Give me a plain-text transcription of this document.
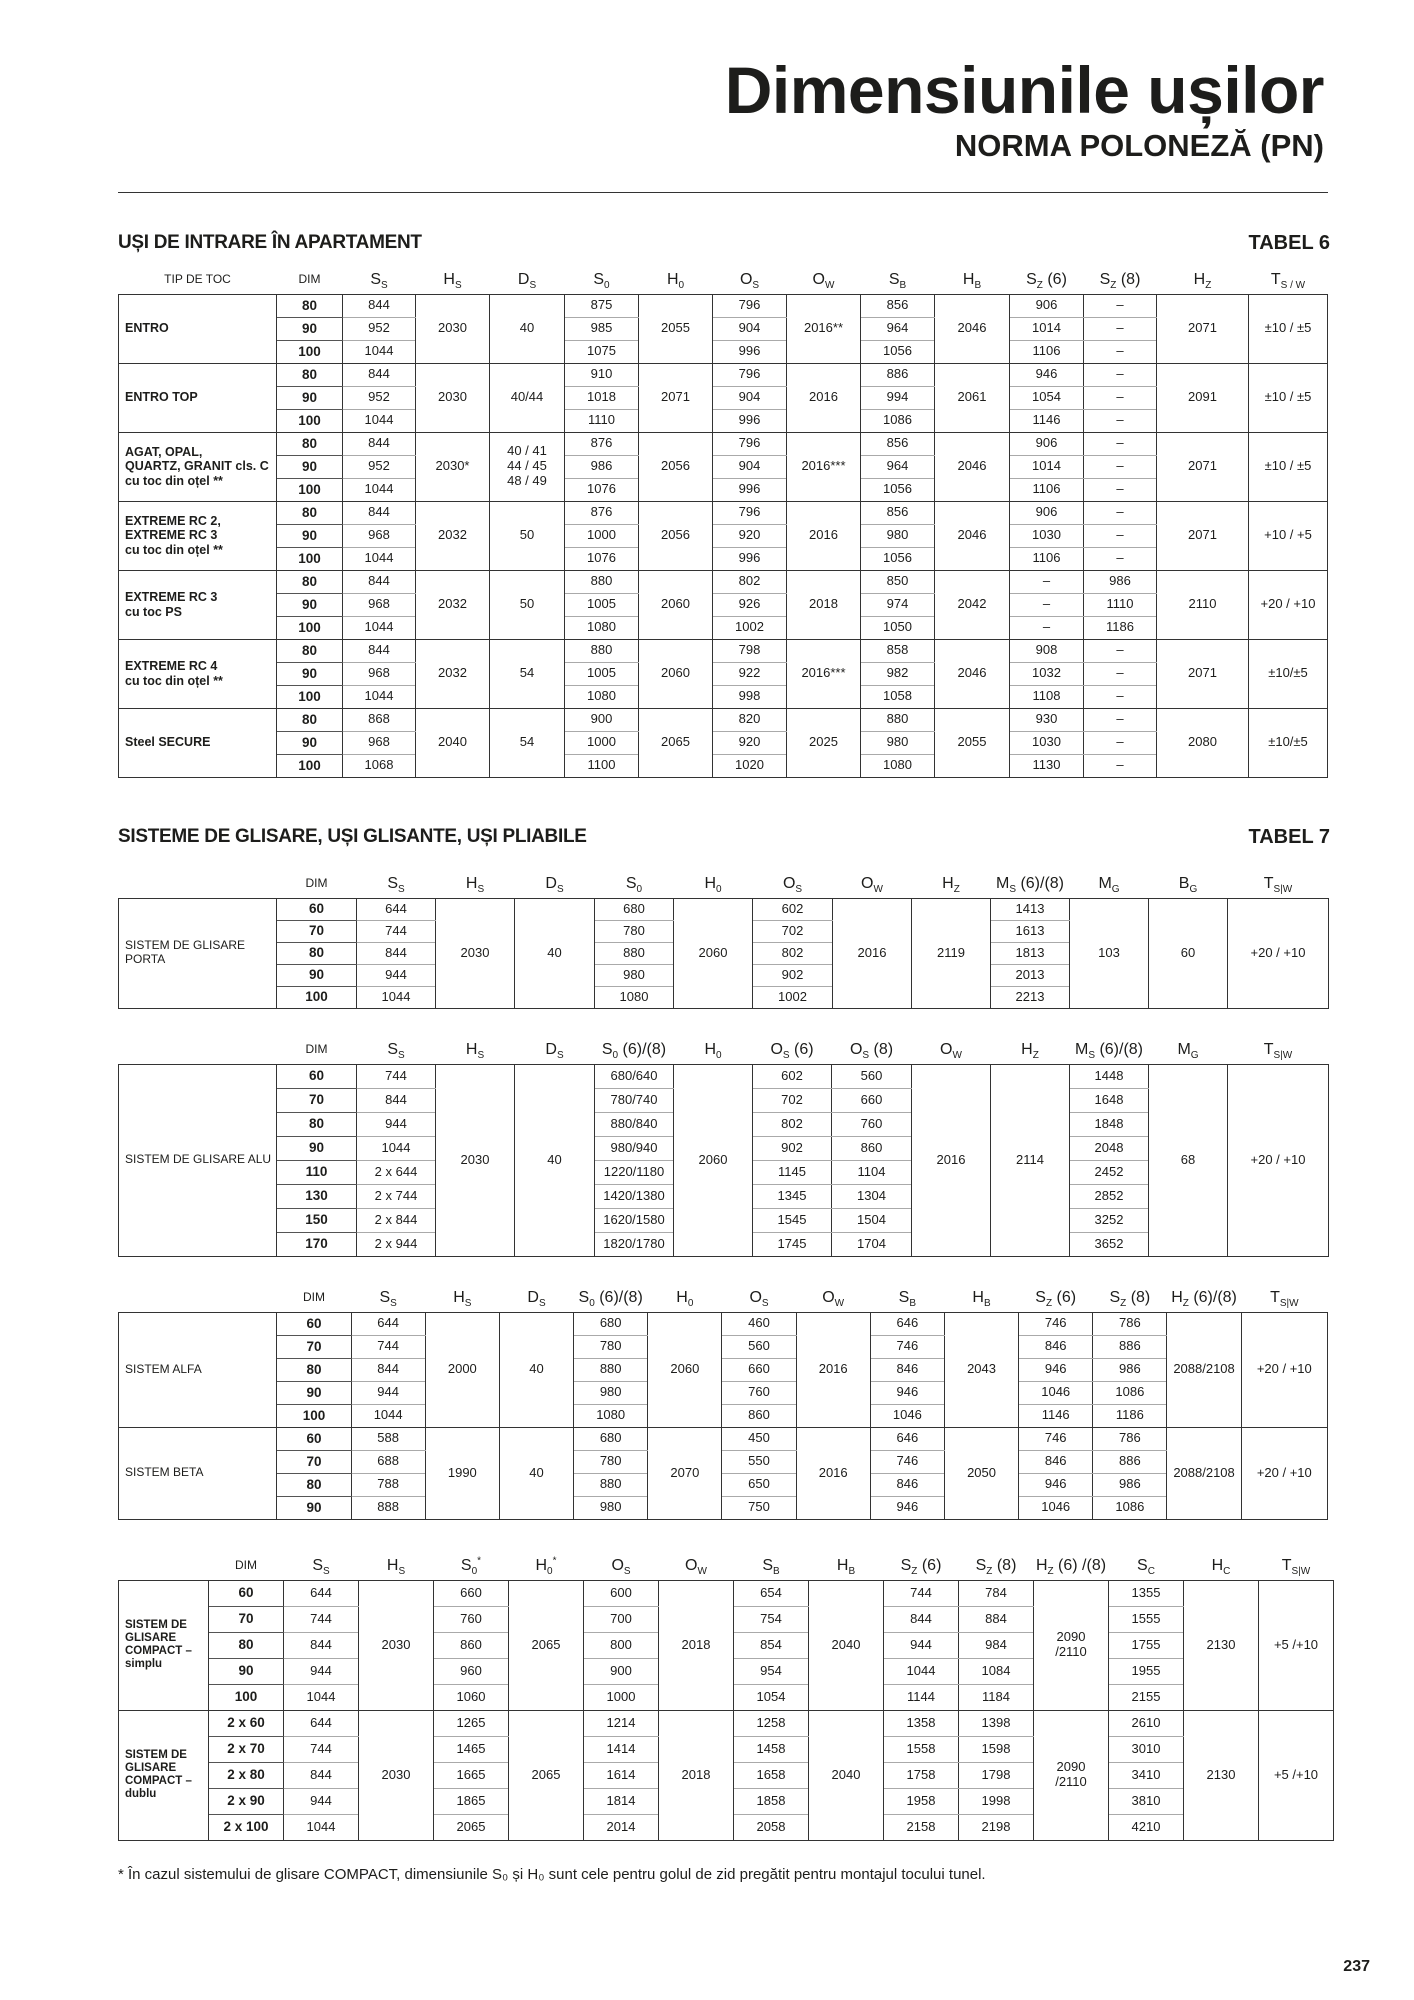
Dimensiunile ușilor
NORMA POLONEZĂ (PN)
UȘI DE INTRARE ÎN APARTAMENT	TABEL 6
TIP DE TOC	DIM	$S_S$	$H_S$	$D_S$	$S_0$	$H_0$	$O_S$	$O_W$	$S_B$	$H_B$	$S_Z$ (6)	$S_Z$ (8)	$H_Z$	$T_{S / W}$
ENTRO	80	844	2030	40	875	2055	796	2016**	856	2046	906	–	2071	±10 / ±5
	90	952			985		904		964		1014	–		
	100	1044			1075		996		1056		1106	–		
ENTRO TOP	80	844	2030	40/44	910	2071	796	2016	886	2061	946	–	2091	±10 / ±5
	90	952			1018		904		994		1054	–		
	100	1044			1110		996		1086		1146	–		
AGAT, OPAL,
QUARTZ, GRANIT cls. C
cu toc din oțel **	80	844	2030*	40 / 41
44 / 45
48 / 49	876	2056	796	2016***	856	2046	906	–	2071	±10 / ±5
	90	952			986		904		964		1014	–		
	100	1044			1076		996		1056		1106	–		
EXTREME RC 2,
EXTREME RC 3
cu toc din oțel **	80	844	2032	50	876	2056	796	2016	856	2046	906	–	2071	+10 / +5
	90	968			1000		920		980		1030	–		
	100	1044			1076		996		1056		1106	–		
EXTREME RC 3
cu toc PS	80	844	2032	50	880	2060	802	2018	850	2042	–	986	2110	+20 / +10
	90	968			1005		926		974		–	1110		
	100	1044			1080		1002		1050		–	1186		
EXTREME RC 4
cu toc din oțel **	80	844	2032	54	880	2060	798	2016***	858	2046	908	–	2071	±10/±5
	90	968			1005		922		982		1032	–		
	100	1044			1080		998		1058		1108	–		
Steel SECURE	80	868	2040	54	900	2065	820	2025	880	2055	930	–	2080	±10/±5
	90	968			1000		920		980		1030	–		
	100	1068			1100		1020		1080		1130	–		
SISTEME DE GLISARE, UȘI GLISANTE, UȘI PLIABILE	TABEL 7
	DIM	$S_S$	$H_S$	$D_S$	$S_0$	$H_0$	$O_S$	$O_W$	$H_Z$	$M_S$ (6)/(8)	$M_G$	$B_G$	$T_{S|W}$
SISTEM DE GLISARE PORTA	60	644	2030	40	680	2060	602	2016	2119	1413	103	60	+20 / +10
	70	744			780		702			1613			
	80	844			880		802			1813			
	90	944			980		902			2013			
	100	1044			1080		1002			2213			
	DIM	$S_S$	$H_S$	$D_S$	$S_0$ (6)/(8)	$H_0$	$O_S$ (6)	$O_S$ (8)	$O_W$	$H_Z$	$M_S$ (6)/(8)	$M_G$	$T_{S|W}$
SISTEM DE GLISARE ALU	60	744	2030	40	680/640	2060	602	560	2016	2114	1448	68	+20 / +10
	70	844			780/740		702	660			1648		
	80	944			880/840		802	760			1848		
	90	1044			980/940		902	860			2048		
	110	2 x 644			1220/1180		1145	1104			2452		
	130	2 x 744			1420/1380		1345	1304			2852		
	150	2 x 844			1620/1580		1545	1504			3252		
	170	2 x 944			1820/1780		1745	1704			3652		
	DIM	$S_S$	$H_S$	$D_S$	$S_0$ (6)/(8)	$H_0$	$O_S$	$O_W$	$S_B$	$H_B$	$S_Z$ (6)	$S_Z$ (8)	$H_Z$ (6)/(8)	$T_{S|W}$
SISTEM ALFA	60	644	2000	40	680	2060	460	2016	646	2043	746	786	2088/2108	+20 / +10
	70	744			780		560		746		846	886		
	80	844			880		660		846		946	986		
	90	944			980		760		946		1046	1086		
	100	1044			1080		860		1046		1146	1186		
SISTEM BETA	60	588	1990	40	680	2070	450	2016	646	2050	746	786	2088/2108	+20 / +10
	70	688			780		550		746		846	886		
	80	788			880		650		846		946	986		
	90	888			980		750		946		1046	1086		
	DIM	$S_S$	$H_S$	$S_0^*$	$H_0^*$	$O_S$	$O_W$	$S_B$	$H_B$	$S_Z$ (6)	$S_Z$ (8)	$H_Z$ (6) /(8)	$S_C$	$H_C$	$T_{S|W}$
SISTEM DE GLISARE COMPACT – simplu	60	644	2030	660	2065	600	2018	654	2040	744	784	2090
/2110	1355	2130	+5 /+10
	70	744		760		700		754		844	884		1555		
	80	844		860		800		854		944	984		1755		
	90	944		960		900		954		1044	1084		1955		
	100	1044		1060		1000		1054		1144	1184		2155		
SISTEM DE GLISARE COMPACT – dublu	2 x 60	644	2030	1265	2065	1214	2018	1258	2040	1358	1398	2090
/2110	2610	2130	+5 /+10
	2 x 70	744		1465		1414		1458		1558	1598		3010		
	2 x 80	844		1665		1614		1658		1758	1798		3410		
	2 x 90	944		1865		1814		1858		1958	1998		3810		
	2 x 100	1044		2065		2014		2058		2158	2198		4210		
* În cazul sistemului de glisare COMPACT, dimensiunile S₀ și H₀ sunt cele pentru golul de zid pregătit pentru montajul tocului tunel.
237
